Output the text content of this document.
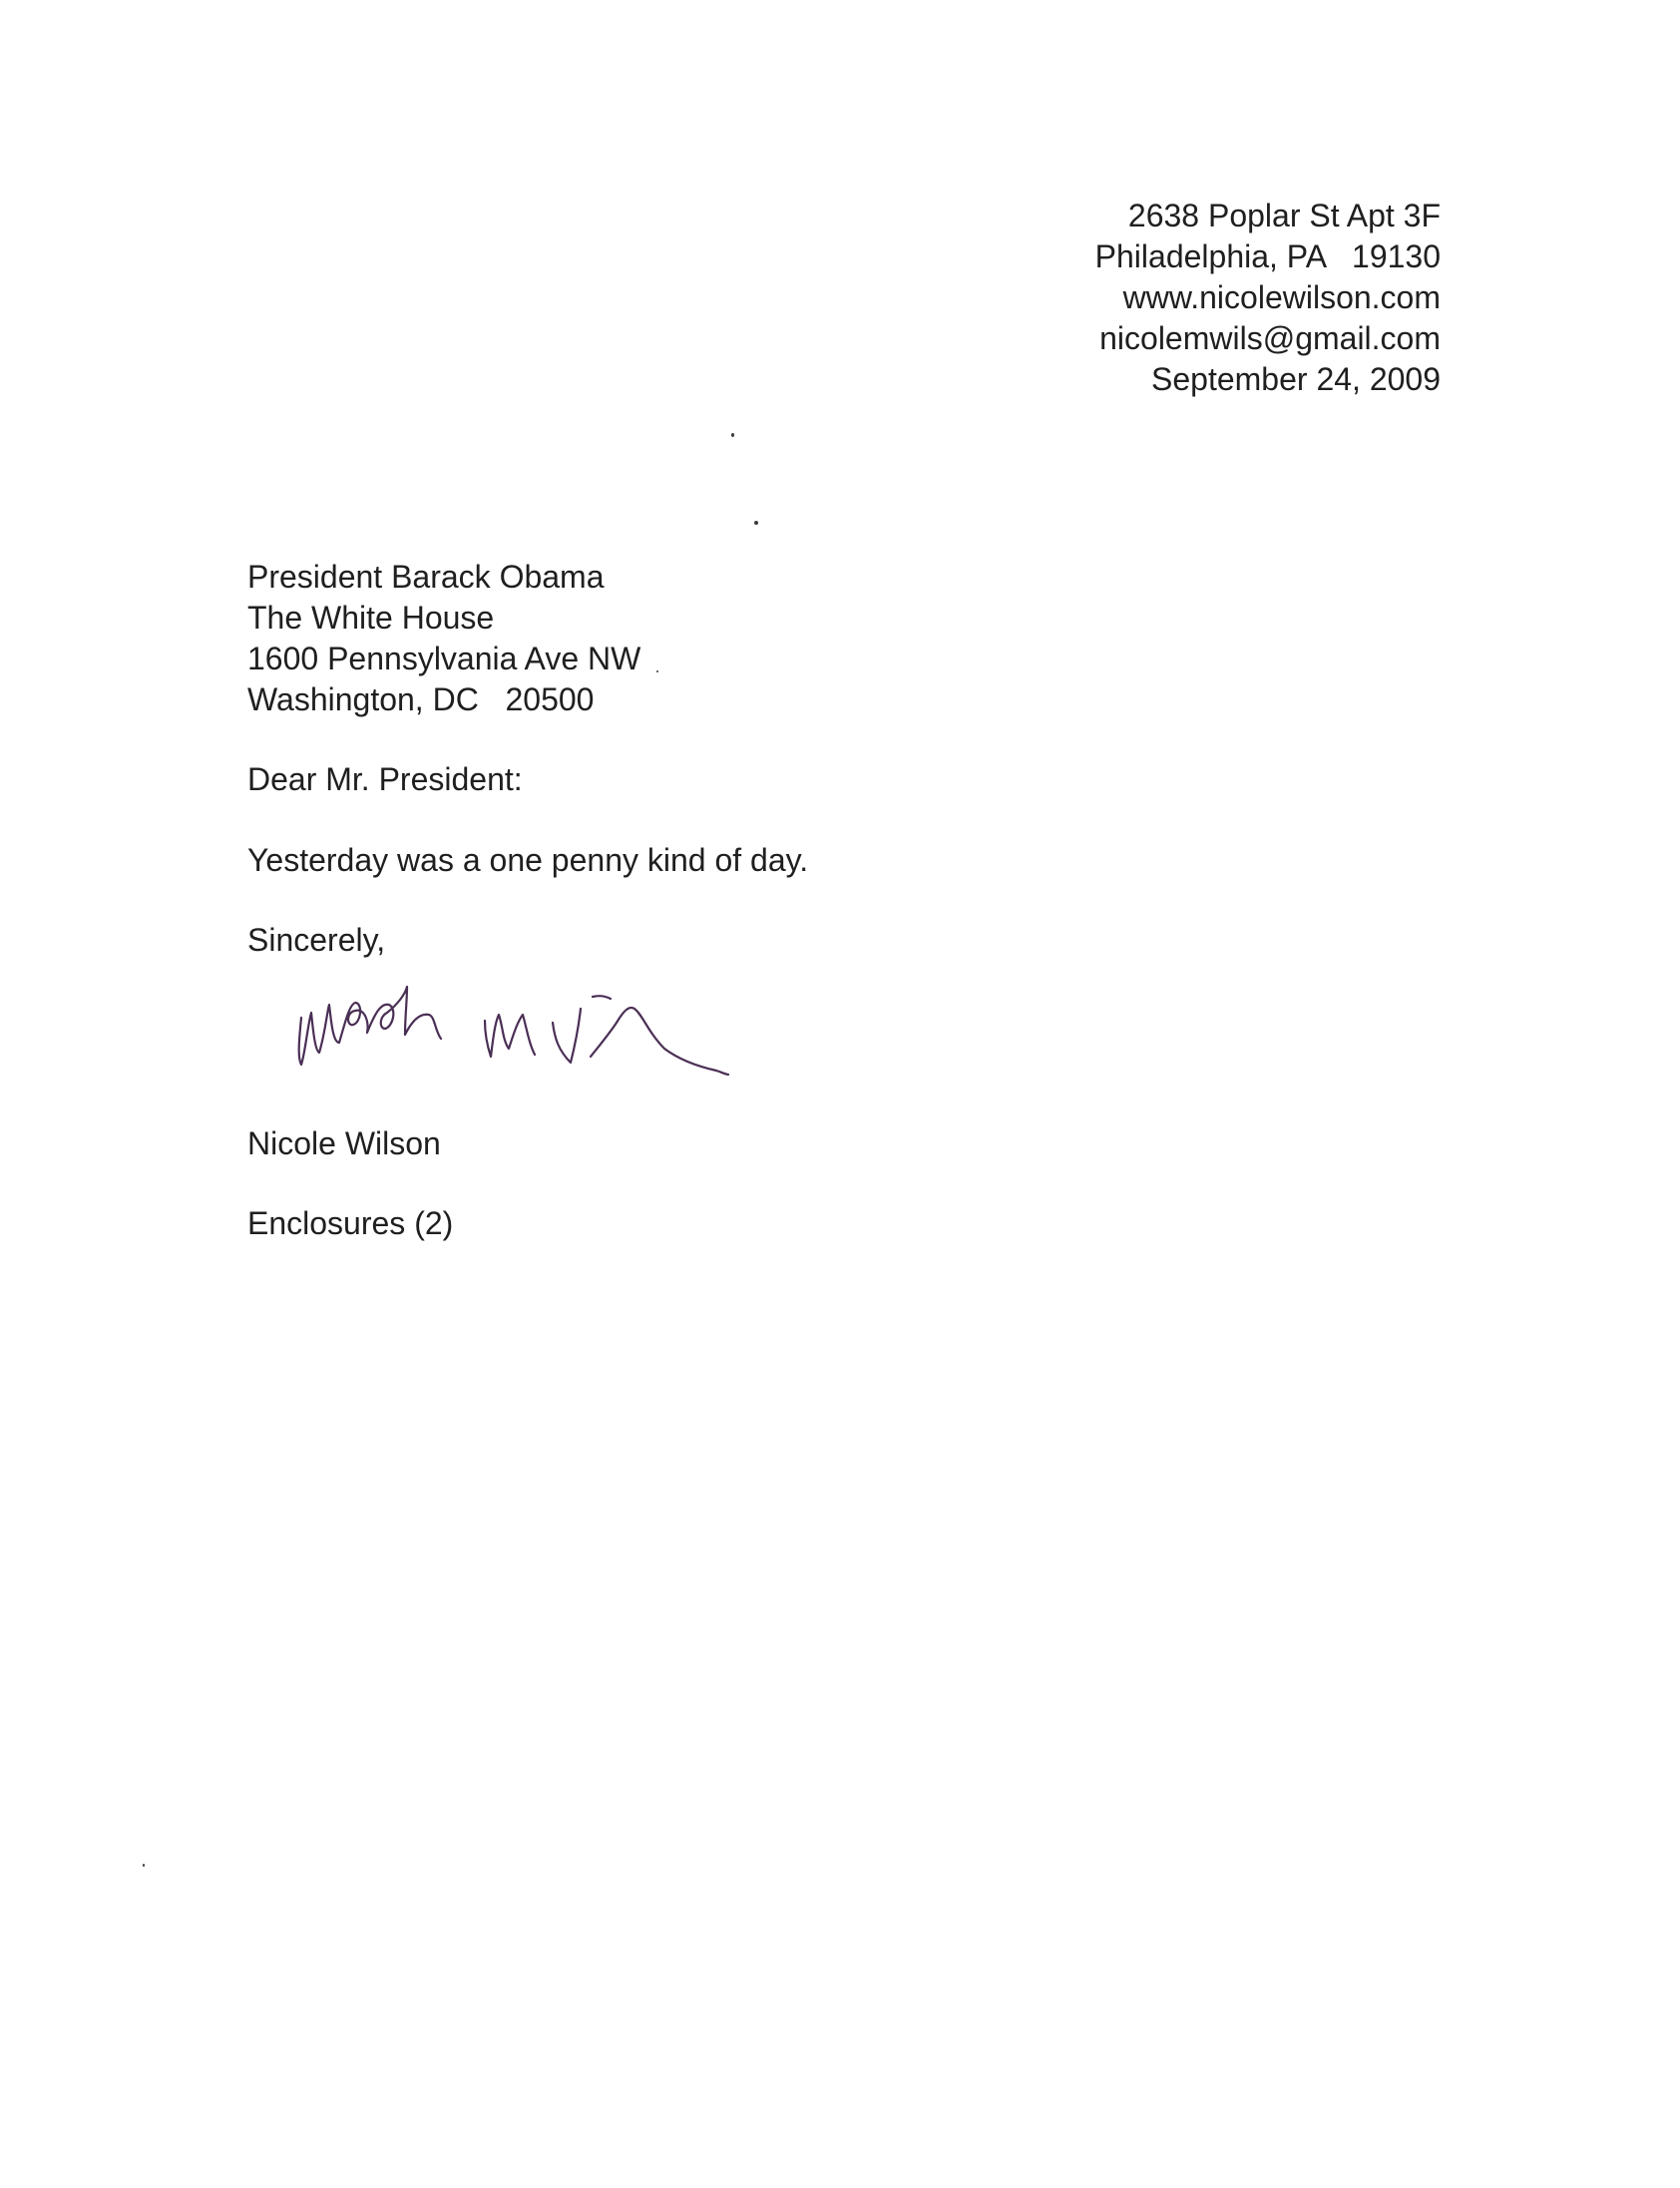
2638 Poplar St Apt 3F
Philadelphia, PA   19130
www.nicolewilson.com
nicolemwils@gmail.com
September 24, 2009
President Barack Obama
The White House
1600 Pennsylvania Ave NW
Washington, DC   20500
Dear Mr. President:
Yesterday was a one penny kind of day.
Sincerely,
Nicole Wilson
Enclosures (2)
